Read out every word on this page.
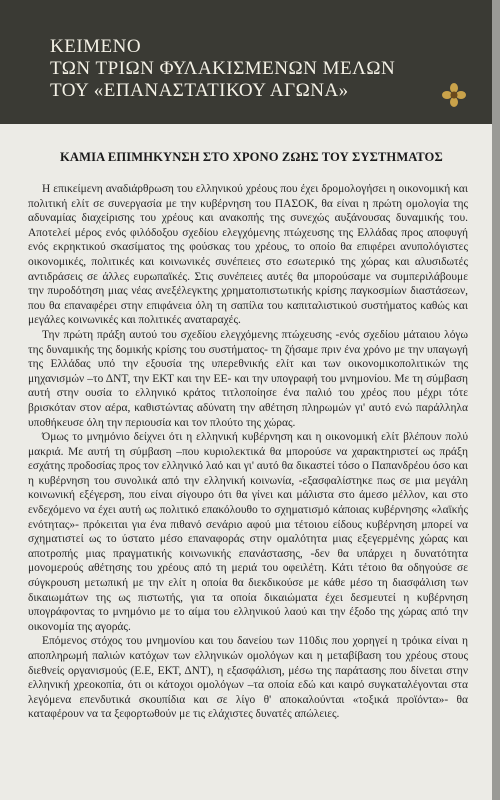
ΚΕΙΜΕΝΟ
ΤΩΝ ΤΡΙΩΝ ΦΥΛΑΚΙΣΜΕΝΩΝ ΜΕΛΩΝ
ΤΟΥ «ΕΠΑΝΑΣΤΑΤΙΚΟΥ ΑΓΩΝΑ»
ΚΑΜΙΑ ΕΠΙΜΗΚΥΝΣΗ ΣΤΟ ΧΡΟΝΟ ΖΩΗΣ ΤΟΥ ΣΥΣΤΗΜΑΤΟΣ

Η επικείμενη αναδιάρθρωση του ελληνικού χρέους που έχει δρομολογήσει η οικονομική και πολιτική ελίτ σε συνεργασία με την κυβέρνηση του ΠΑΣΟΚ, θα είναι η πρώτη ομολογία της αδυναμίας διαχείρισης του χρέους και ανακοπής της συνεχώς αυξάνουσας δυναμικής του. Αποτελεί μέρος ενός φιλόδοξου σχεδίου ελεγχόμενης πτώχευσης της Ελλάδας προς αποφυγή ενός εκρηκτικού σκασίματος της φούσκας του χρέους, το οποίο θα επιφέρει ανυπολόγιστες οικονομικές, πολιτικές και κοινωνικές συνέπειες στο εσωτερικό της χώρας και αλυσιδωτές αντιδράσεις σε άλλες ευρωπαϊκές. Στις συνέπειες αυτές θα μπορούσαμε να συμπεριλάβουμε την πυροδότηση μιας νέας ανεξέλεγκτης χρηματοπιστωτικής κρίσης παγκοσμίων διαστάσεων, που θα επαναφέρει στην επιφάνεια όλη τη σαπίλα του καπιταλιστικού συστήματος καθώς και μεγάλες κοινωνικές και πολιτικές αναταραχές.

Την πρώτη πράξη αυτού του σχεδίου ελεγχόμενης πτώχευσης -ενός σχεδίου μάταιου λόγω της δυναμικής της δομικής κρίσης του συστήματος- τη ζήσαμε πριν ένα χρόνο με την υπαγωγή της Ελλάδας υπό την εξουσία της υπερεθνικής ελίτ και των οικονομικοπολιτικών της μηχανισμών –το ΔΝΤ, την ΕΚΤ και την ΕΕ- και την υπογραφή του μνημονίου. Με τη σύμβαση αυτή στην ουσία το ελληνικό κράτος τιτλοποίησε ένα παλιό του χρέος που μέχρι τότε βρισκόταν στον αέρα, καθιστώντας αδύνατη την αθέτηση πληρωμών γι' αυτό ενώ παράλληλα υποθήκευσε όλη την περιουσία και τον πλούτο της χώρας.

Όμως το μνημόνιο δείχνει ότι η ελληνική κυβέρνηση και η οικονομική ελίτ βλέπουν πολύ μακριά. Με αυτή τη σύμβαση –που κυριολεκτικά θα μπορούσε να χαρακτηριστεί ως πράξη εσχάτης προδοσίας προς τον ελληνικό λαό και γι' αυτό θα δικαστεί τόσο ο Παπανδρέου όσο και η κυβέρνηση του συνολικά από την ελληνική κοινωνία, -εξασφαλίστηκε πως σε μια μεγάλη κοινωνική εξέγερση, που είναι σίγουρο ότι θα γίνει και μάλιστα στο άμεσο μέλλον, και στο ενδεχόμενο να έχει αυτή ως πολιτικό επακόλουθο το σχηματισμό κάποιας κυβέρνησης «λαϊκής ενότητας»- πρόκειται για ένα πιθανό σενάριο αφού μια τέτοιου είδους κυβέρνηση μπορεί να σχηματιστεί ως το ύστατο μέσο επαναφοράς στην ομαλότητα μιας εξεγερμένης χώρας και αποτροπής μιας πραγματικής κοινωνικής επανάστασης, -δεν θα υπάρχει η δυνατότητα μονομερούς αθέτησης του χρέους από τη μεριά του οφειλέτη. Κάτι τέτοιο θα οδηγούσε σε σύγκρουση μετωπική με την ελίτ η οποία θα διεκδικούσε με κάθε μέσο τη διασφάλιση των δικαιωμάτων της ως πιστωτής, για τα οποία δικαιώματα έχει δεσμευτεί η κυβέρνηση υπογράφοντας το μνημόνιο με το αίμα του ελληνικού λαού και την έξοδο της χώρας από την οικονομία της αγοράς.

Επόμενος στόχος του μνημονίου και του δανείου των 110δις που χορηγεί η τρόικα είναι η αποπληρωμή παλιών κατόχων των ελληνικών ομολόγων και η μεταβίβαση του χρέους στους διεθνείς οργανισμούς (Ε.Ε, ΕΚΤ, ΔΝΤ), η εξασφάλιση, μέσω της παράτασης που δίνεται στην ελληνική χρεοκοπία, ότι οι κάτοχοι ομολόγων –τα οποία εδώ και καιρό συγκαταλέγονται στα λεγόμενα επενδυτικά σκουπίδια και σε λίγο θ' αποκαλούνται «τοξικά προϊόντα»- θα καταφέρουν να τα ξεφορτωθούν με τις ελάχιστες δυνατές απώλειες.
